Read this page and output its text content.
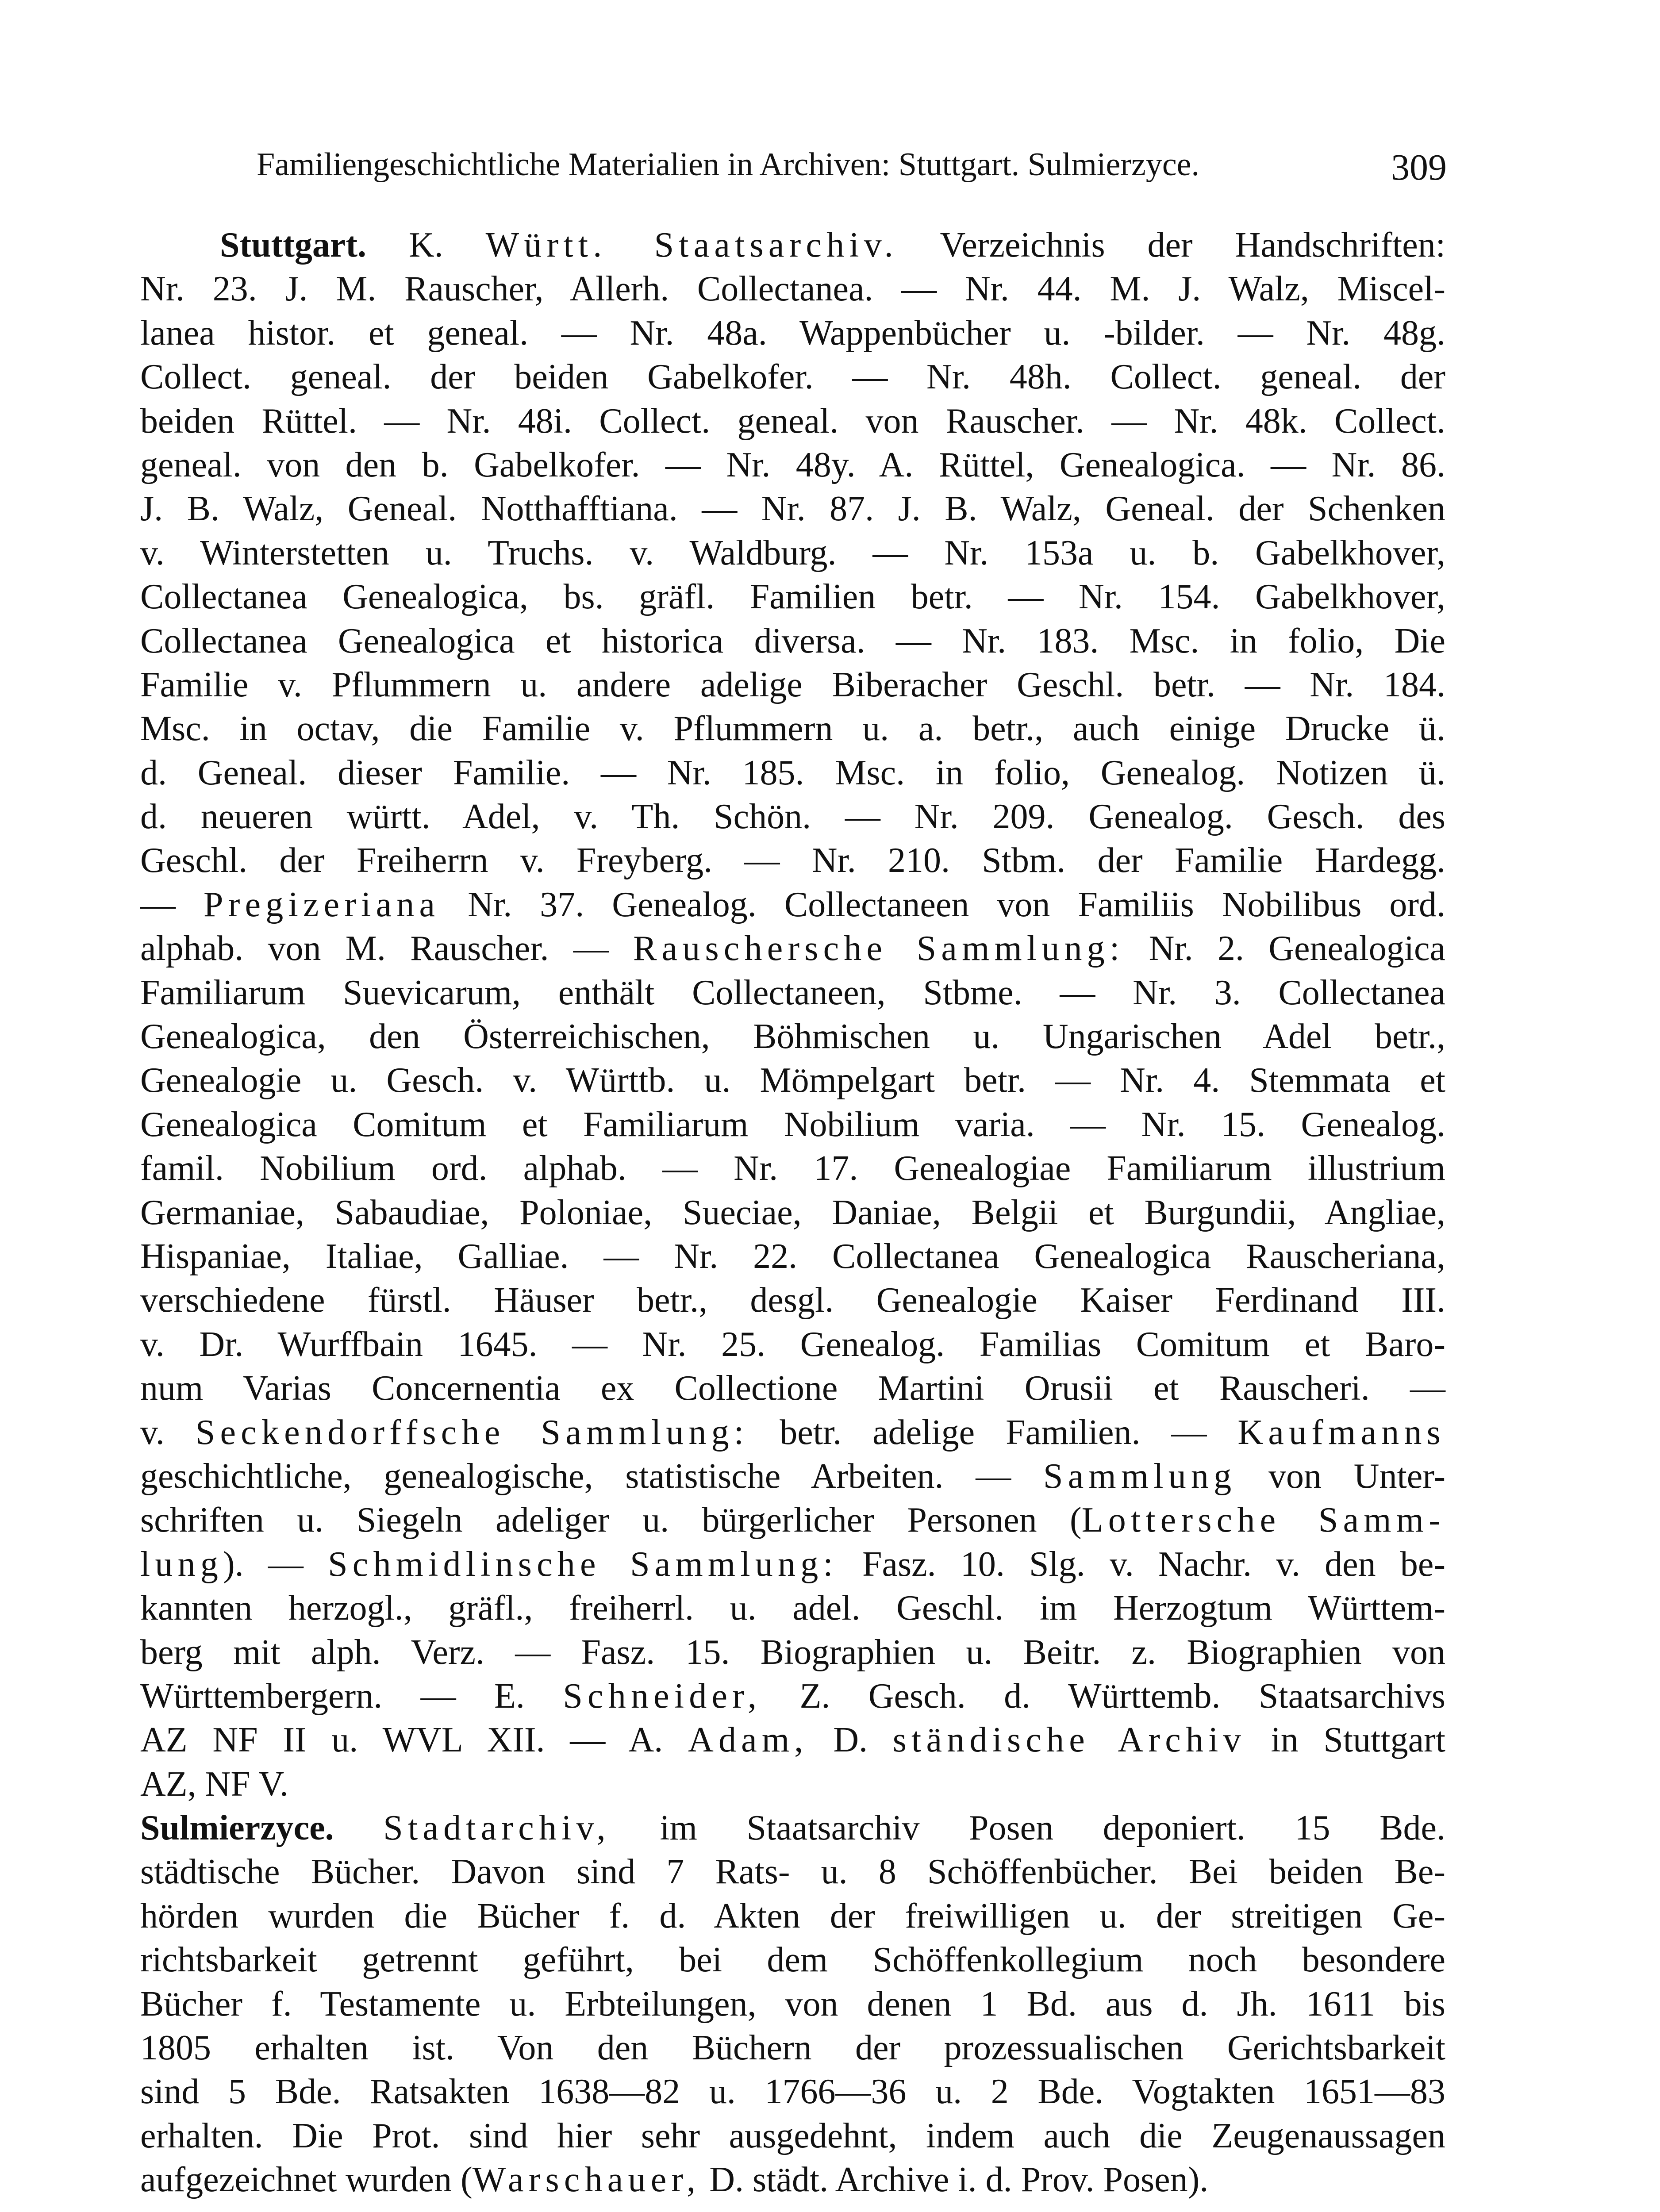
Familiengeschichtliche Materialien in Archiven: Stuttgart. Sulmierzyce.	309
Stuttgart. K. Württ. Staatsarchiv. Verzeichnis der Handschriften:
Nr. 23. J. M. Rauscher, Allerh. Collectanea. — Nr. 44. M. J. Walz, Miscel-
lanea histor. et geneal. — Nr. 48a. Wappenbücher u. -bilder. — Nr. 48g.
Collect. geneal. der beiden Gabelkofer. — Nr. 48h. Collect. geneal. der
beiden Rüttel. — Nr. 48i. Collect. geneal. von Rauscher. — Nr. 48k. Collect.
geneal. von den b. Gabelkofer. — Nr. 48y. A. Rüttel, Genealogica. — Nr. 86.
J. B. Walz, Geneal. Notthafftiana. — Nr. 87. J. B. Walz, Geneal. der Schenken
v. Winterstetten u. Truchs. v. Waldburg. — Nr. 153a u. b. Gabelkhover,
Collectanea Genealogica, bs. gräfl. Familien betr. — Nr. 154. Gabelkhover,
Collectanea Genealogica et historica diversa. — Nr. 183. Msc. in folio, Die
Familie v. Pflummern u. andere adelige Biberacher Geschl. betr. — Nr. 184.
Msc. in octav, die Familie v. Pflummern u. a. betr., auch einige Drucke ü.
d. Geneal. dieser Familie. — Nr. 185. Msc. in folio, Genealog. Notizen ü.
d. neueren württ. Adel, v. Th. Schön. — Nr. 209. Genealog. Gesch. des
Geschl. der Freiherrn v. Freyberg. — Nr. 210. Stbm. der Familie Hardegg.
— Pregizeriana Nr. 37. Genealog. Collectaneen von Familiis Nobilibus ord.
alphab. von M. Rauscher. — Rauschersche Sammlung: Nr. 2. Genealogica
Familiarum Suevicarum, enthält Collectaneen, Stbme. — Nr. 3. Collectanea
Genealogica, den Österreichischen, Böhmischen u. Ungarischen Adel betr.,
Genealogie u. Gesch. v. Württb. u. Mömpelgart betr. — Nr. 4. Stemmata et
Genealogica Comitum et Familiarum Nobilium varia. — Nr. 15. Genealog.
famil. Nobilium ord. alphab. — Nr. 17. Genealogiae Familiarum illustrium
Germaniae, Sabaudiae, Poloniae, Sueciae, Daniae, Belgii et Burgundii, Angliae,
Hispaniae, Italiae, Galliae. — Nr. 22. Collectanea Genealogica Rauscheriana,
verschiedene fürstl. Häuser betr., desgl. Genealogie Kaiser Ferdinand III.
v. Dr. Wurffbain 1645. — Nr. 25. Genealog. Familias Comitum et Baro-
num Varias Concernentia ex Collectione Martini Orusii et Rauscheri. —
v. Seckendorffsche Sammlung: betr. adelige Familien. — Kaufmanns
geschichtliche, genealogische, statistische Arbeiten. — Sammlung von Unter-
schriften u. Siegeln adeliger u. bürgerlicher Personen (Lottersche Samm-
lung). — Schmidlinsche Sammlung: Fasz. 10. Slg. v. Nachr. v. den be-
kannten herzogl., gräfl., freiherrl. u. adel. Geschl. im Herzogtum Württem-
berg mit alph. Verz. — Fasz. 15. Biographien u. Beitr. z. Biographien von
Württembergern. — E. Schneider, Z. Gesch. d. Württemb. Staatsarchivs
AZ NF II u. WVL XII. — A. Adam, D. ständische Archiv in Stuttgart
AZ, NF V.
Sulmierzyce. Stadtarchiv, im Staatsarchiv Posen deponiert. 15 Bde.
städtische Bücher. Davon sind 7 Rats- u. 8 Schöffenbücher. Bei beiden Be-
hörden wurden die Bücher f. d. Akten der freiwilligen u. der streitigen Ge-
richtsbarkeit getrennt geführt, bei dem Schöffenkollegium noch besondere
Bücher f. Testamente u. Erbteilungen, von denen 1 Bd. aus d. Jh. 1611 bis
1805 erhalten ist. Von den Büchern der prozessualischen Gerichtsbarkeit
sind 5 Bde. Ratsakten 1638—82 u. 1766—36 u. 2 Bde. Vogtakten 1651—83
erhalten. Die Prot. sind hier sehr ausgedehnt, indem auch die Zeugenaussagen
aufgezeichnet wurden (Warschauer, D. städt. Archive i. d. Prov. Posen).
